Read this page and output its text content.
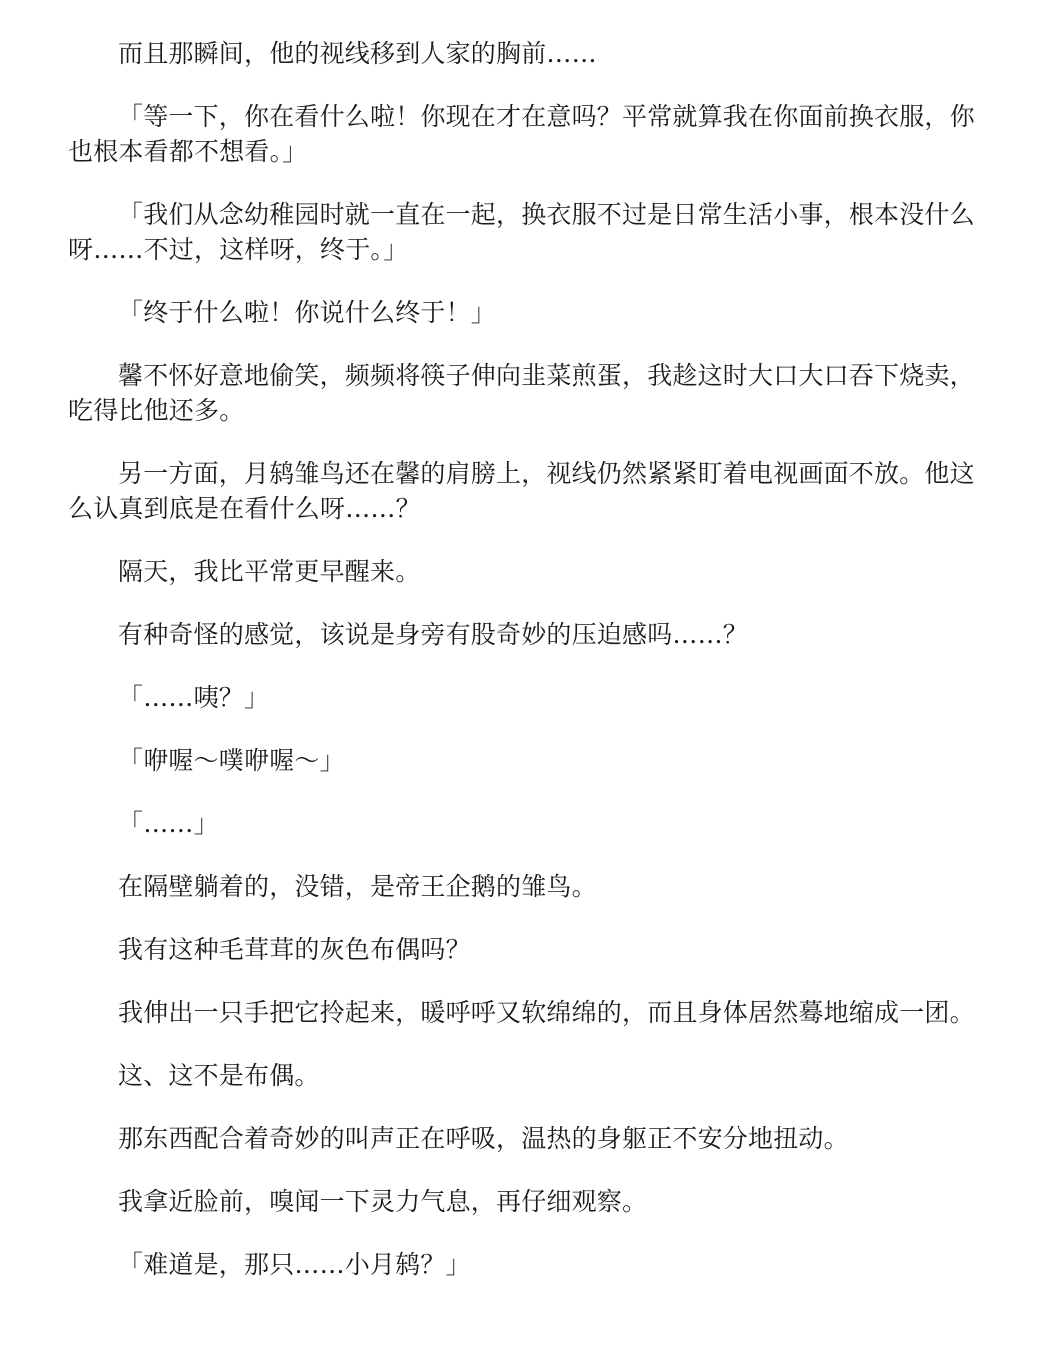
而且那瞬间，他的视线移到人家的胸前……

「等一下，你在看什么啦！你现在才在意吗？平常就算我在你面前换衣服，你也根本看都不想看。」

「我们从念幼稚园时就一直在一起，换衣服不过是日常生活小事，根本没什么呀……不过，这样呀，终于。」

「终于什么啦！你说什么终于！」

馨不怀好意地偷笑，频频将筷子伸向韭菜煎蛋，我趁这时大口大口吞下烧卖，吃得比他还多。

另一方面，月鸫雏鸟还在馨的肩膀上，视线仍然紧紧盯着电视画面不放。他这么认真到底是在看什么呀……？

隔天，我比平常更早醒来。

有种奇怪的感觉，该说是身旁有股奇妙的压迫感吗……？

「……咦？」

「咿喔～噗咿喔～」

「……」

在隔壁躺着的，没错，是帝王企鹅的雏鸟。

我有这种毛茸茸的灰色布偶吗？

我伸出一只手把它拎起来，暖呼呼又软绵绵的，而且身体居然蓦地缩成一团。

这、这不是布偶。

那东西配合着奇妙的叫声正在呼吸，温热的身躯正不安分地扭动。

我拿近脸前，嗅闻一下灵力气息，再仔细观察。

「难道是，那只……小月鸫？」
